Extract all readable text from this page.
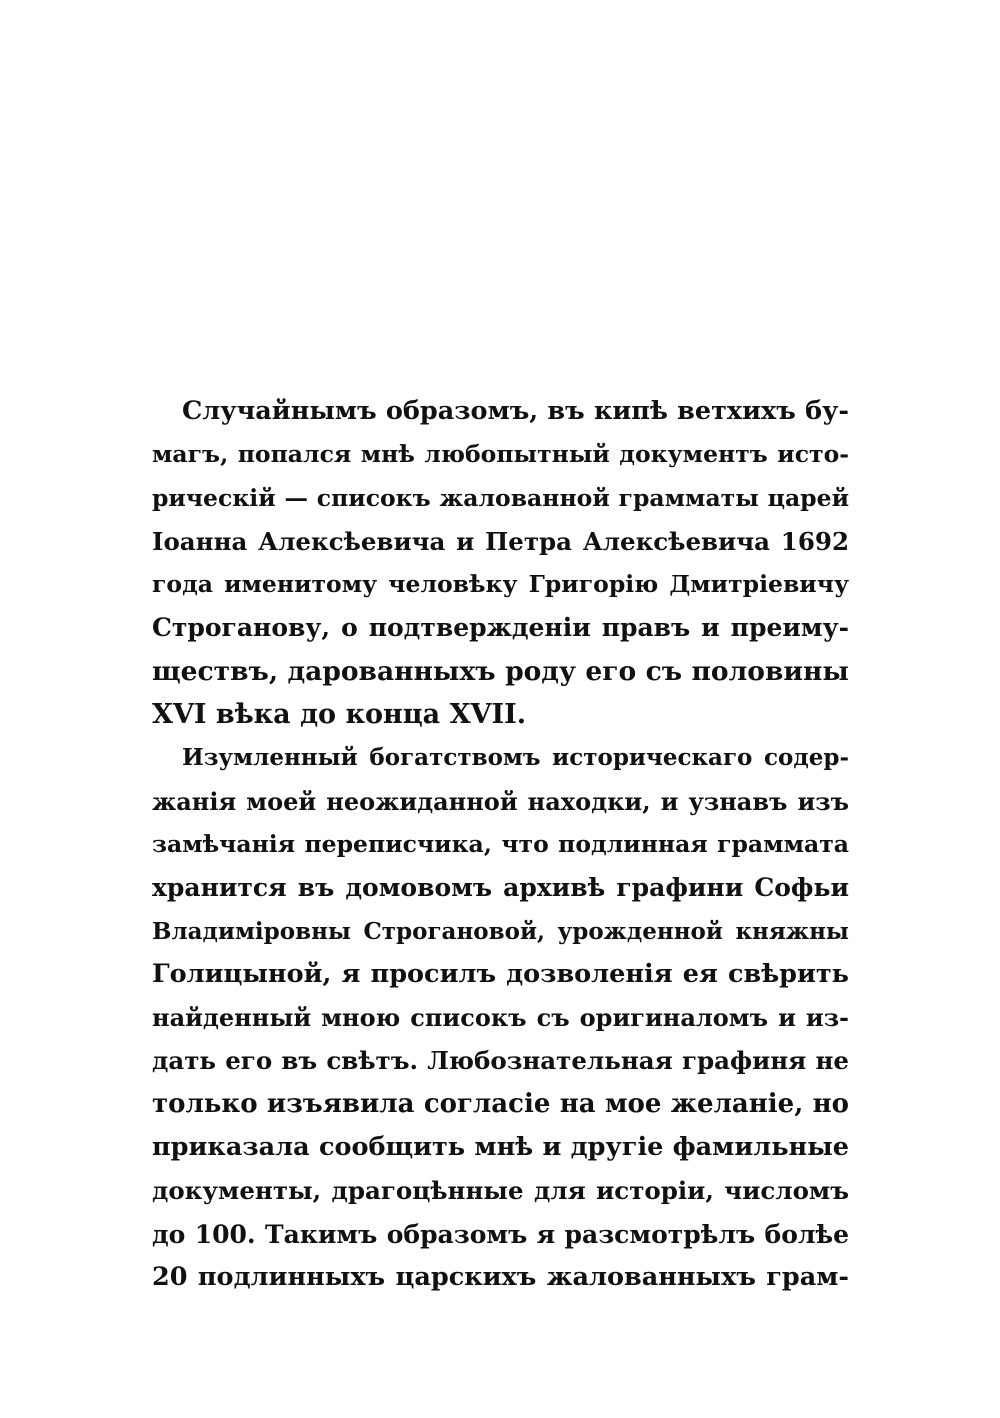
Случайнымъ образомъ, въ кипѣ ветхихъ бу-
магъ, попался мнѣ любопытный документъ исто-
рическій — списокъ жалованной грамматы царей
Іоанна Алексѣевича и Петра Алексѣевича 1692
года именитому человѣку Григорію Дмитріевичу
Строганову, о подтвержденіи правъ и преиму-
ществъ, дарованныхъ роду его съ половины
XVI вѣка до конца XVII.
Изумленный богатствомъ историческаго содер-
жанія моей неожиданной находки, и узнавъ изъ
замѣчанія переписчика, что подлинная граммата
хранится въ домовомъ архивѣ графини Софьи
Владиміровны Строгановой, урожденной княжны
Голицыной, я просилъ дозволенія ея свѣрить
найденный мною списокъ съ оригиналомъ и из-
дать его въ свѣтъ. Любознательная графиня не
только изъявила согласіе на мое желаніе, но
приказала сообщить мнѣ и другіе фамильные
документы, драгоцѣнные для исторіи, числомъ
до 100. Такимъ образомъ я разсмотрѣлъ болѣе
20 подлинныхъ царскихъ жалованныхъ грам-
